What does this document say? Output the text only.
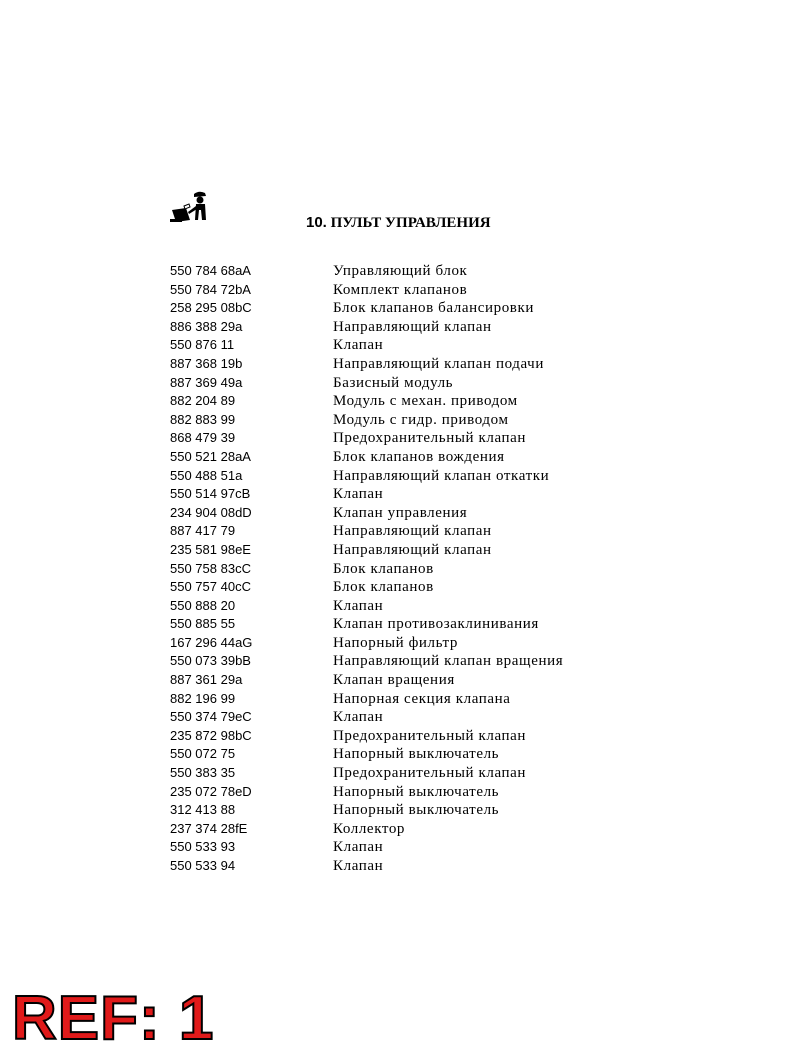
10. ПУЛЬТ УПРАВЛЕНИЯ
550 784 68aA	Управляющий блок
550 784 72bA	Комплект клапанов
258 295 08bC	Блок клапанов балансировки
886 388 29a	Направляющий клапан
550 876 11	Клапан
887 368 19b	Направляющий клапан подачи
887 369 49a	Базисный модуль
882 204 89	Модуль с механ. приводом
882 883 99	Модуль с гидр. приводом
868 479 39	Предохранительный клапан
550 521 28aA	Блок клапанов вождения
550 488 51a	Направляющий клапан откатки
550 514 97cB	Клапан
234 904 08dD	Клапан управления
887 417 79	Направляющий клапан
235 581 98eE	Направляющий клапан
550 758 83cC	Блок клапанов
550 757 40cC	Блок клапанов
550 888 20	Клапан
550 885 55	Клапан противозаклинивания
167 296 44aG	Напорный фильтр
550 073 39bB	Направляющий клапан вращения
887 361 29a	Клапан вращения
882 196 99	Напорная секция клапана
550 374 79eC	Клапан
235 872 98bC	Предохранительный клапан
550 072 75	Напорный выключатель
550 383 35	Предохранительный клапан
235 072 78eD	Напорный выключатель
312 413 88	Напорный выключатель
237 374 28fE	Коллектор
550 533 93	Клапан
550 533 94	Клапан
REF: 1
